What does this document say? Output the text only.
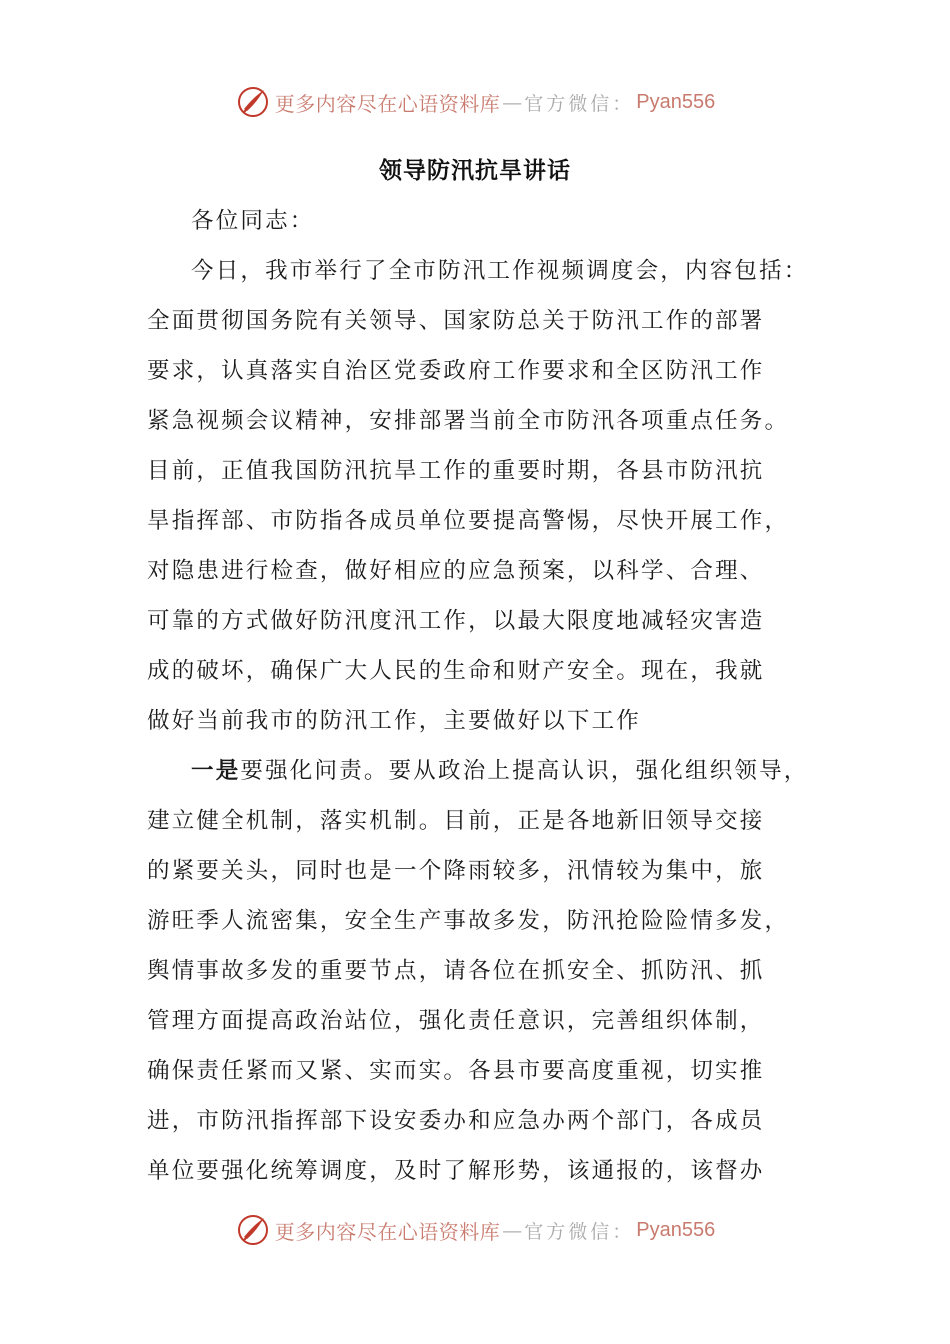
更多内容尽在心语资料库 — 官方微信： Pyan556
领导防汛抗旱讲话
各位同志：
今日，我市举行了全市防汛工作视频调度会，内容包括：
全面贯彻国务院有关领导、国家防总关于防汛工作的部署
要求，认真落实自治区党委政府工作要求和全区防汛工作
紧急视频会议精神，安排部署当前全市防汛各项重点任务。
目前，正值我国防汛抗旱工作的重要时期，各县市防汛抗
旱指挥部、市防指各成员单位要提高警惕，尽快开展工作，
对隐患进行检查，做好相应的应急预案，以科学、合理、
可靠的方式做好防汛度汛工作，以最大限度地减轻灾害造
成的破坏，确保广大人民的生命和财产安全。现在，我就
做好当前我市的防汛工作，主要做好以下工作
一是要强化问责。要从政治上提高认识，强化组织领导，
建立健全机制，落实机制。目前，正是各地新旧领导交接
的紧要关头，同时也是一个降雨较多，汛情较为集中，旅
游旺季人流密集，安全生产事故多发，防汛抢险险情多发，
舆情事故多发的重要节点，请各位在抓安全、抓防汛、抓
管理方面提高政治站位，强化责任意识，完善组织体制，
确保责任紧而又紧、实而实。各县市要高度重视，切实推
进，市防汛指挥部下设安委办和应急办两个部门，各成员
单位要强化统筹调度，及时了解形势，该通报的，该督办
更多内容尽在心语资料库 — 官方微信： Pyan556
